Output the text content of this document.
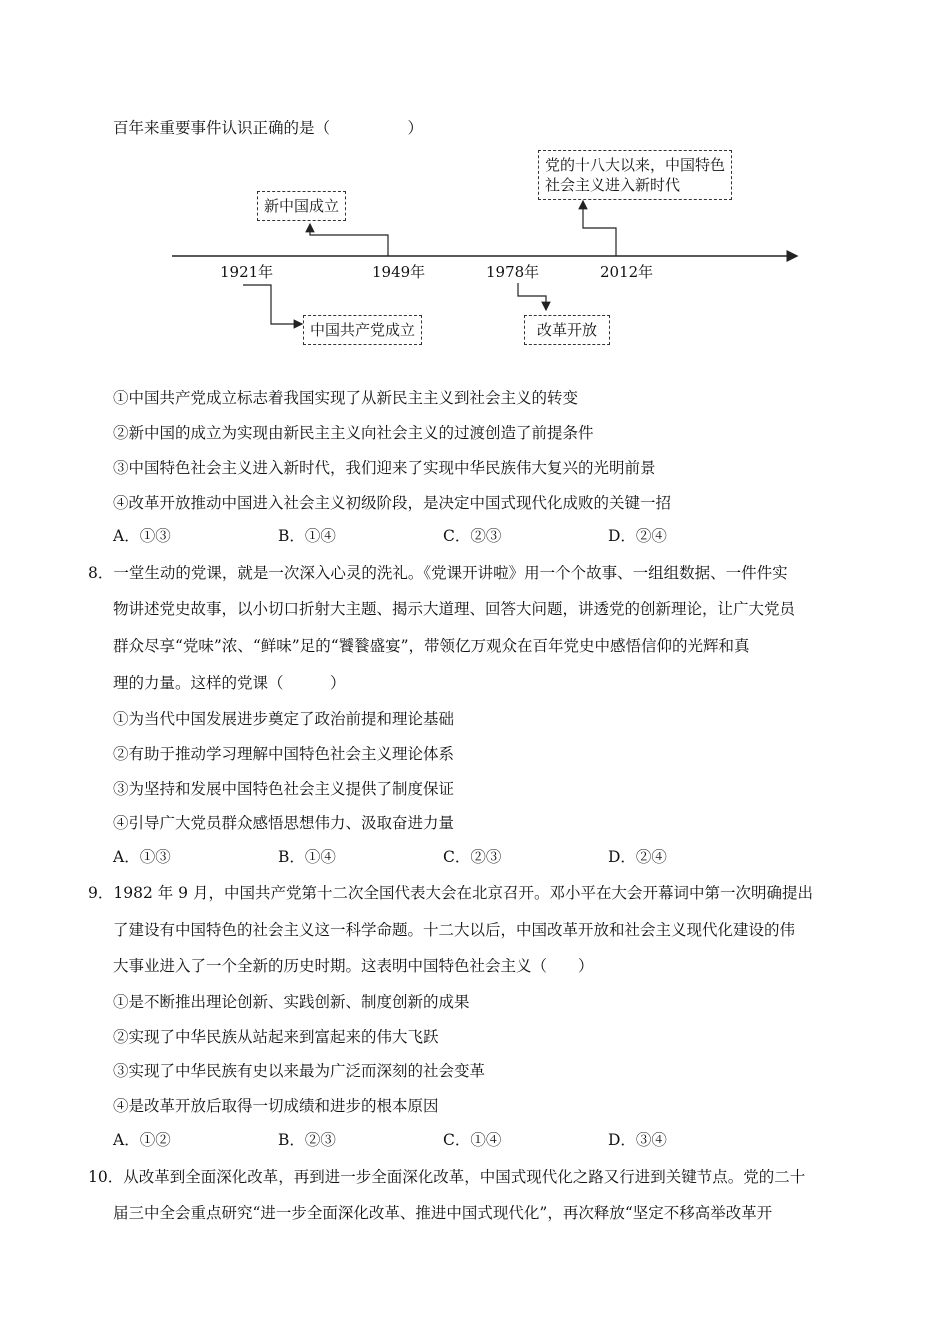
百年来重要事件认识正确的是（　　　　　）
1921年	1949年	1978年	2012年
新中国成立
党的十八大以来，中国特色
社会主义进入新时代
中国共产党成立	改革开放
①中国共产党成立标志着我国实现了从新民主主义到社会主义的转变
②新中国的成立为实现由新民主主义向社会主义的过渡创造了前提条件
③中国特色社会主义进入新时代，我们迎来了实现中华民族伟大复兴的光明前景
④改革开放推动中国进入社会主义初级阶段，是决定中国式现代化成败的关键一招
A．①③	B．①④	C．②③	D．②④
8．一堂生动的党课，就是一次深入心灵的洗礼。《党课开讲啦》用一个个故事、一组组数据、一件件实
物讲述党史故事，以小切口折射大主题、揭示大道理、回答大问题，讲透党的创新理论，让广大党员
群众尽享“党味”浓、“鲜味”足的“饕餮盛宴”，带领亿万观众在百年党史中感悟信仰的光辉和真
理的力量。这样的党课（　　　）
①为当代中国发展进步奠定了政治前提和理论基础
②有助于推动学习理解中国特色社会主义理论体系
③为坚持和发展中国特色社会主义提供了制度保证
④引导广大党员群众感悟思想伟力、汲取奋进力量
A．①③	B．①④	C．②③	D．②④
9．1982 年 9 月，中国共产党第十二次全国代表大会在北京召开。邓小平在大会开幕词中第一次明确提出
了建设有中国特色的社会主义这一科学命题。十二大以后，中国改革开放和社会主义现代化建设的伟
大事业进入了一个全新的历史时期。这表明中国特色社会主义（　　）
①是不断推出理论创新、实践创新、制度创新的成果
②实现了中华民族从站起来到富起来的伟大飞跃
③实现了中华民族有史以来最为广泛而深刻的社会变革
④是改革开放后取得一切成绩和进步的根本原因
A．①②	B．②③	C．①④	D．③④
10．从改革到全面深化改革，再到进一步全面深化改革，中国式现代化之路又行进到关键节点。党的二十
届三中全会重点研究“进一步全面深化改革、推进中国式现代化”，再次释放“坚定不移高举改革开
